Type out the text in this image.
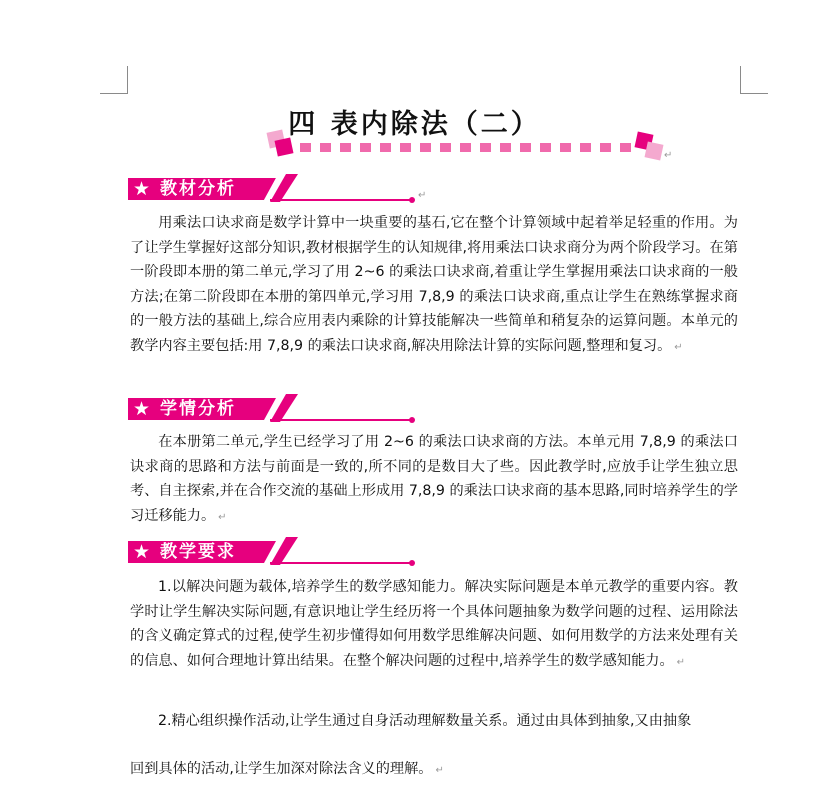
四 表内除法（二）
↵
★ 教材分析	↵
用乘法口诀求商是数学计算中一块重要的基石,它在整个计算领域中起着举足轻重的作用。为了让学生掌握好这部分知识,教材根据学生的认知规律,将用乘法口诀求商分为两个阶段学习。在第一阶段即本册的第二单元,学习了用 2~6 的乘法口诀求商,着重让学生掌握用乘法口诀求商的一般方法;在第二阶段即在本册的第四单元,学习用 7,8,9 的乘法口诀求商,重点让学生在熟练掌握求商的一般方法的基础上,综合应用表内乘除的计算技能解决一些简单和稍复杂的运算问题。本单元的教学内容主要包括:用 7,8,9 的乘法口诀求商,解决用除法计算的实际问题,整理和复习。 ↵
★ 学情分析
在本册第二单元,学生已经学习了用 2~6 的乘法口诀求商的方法。本单元用 7,8,9 的乘法口诀求商的思路和方法与前面是一致的,所不同的是数目大了些。因此教学时,应放手让学生独立思考、自主探索,并在合作交流的基础上形成用 7,8,9 的乘法口诀求商的基本思路,同时培养学生的学习迁移能力。 ↵
★ 教学要求
1.以解决问题为载体,培养学生的数学感知能力。解决实际问题是本单元教学的重要内容。教学时让学生解决实际问题,有意识地让学生经历将一个具体问题抽象为数学问题的过程、运用除法的含义确定算式的过程,使学生初步懂得如何用数学思维解决问题、如何用数学的方法来处理有关的信息、如何合理地计算出结果。在整个解决问题的过程中,培养学生的数学感知能力。 ↵
2.精心组织操作活动,让学生通过自身活动理解数量关系。通过由具体到抽象,又由抽象
回到具体的活动,让学生加深对除法含义的理解。 ↵
